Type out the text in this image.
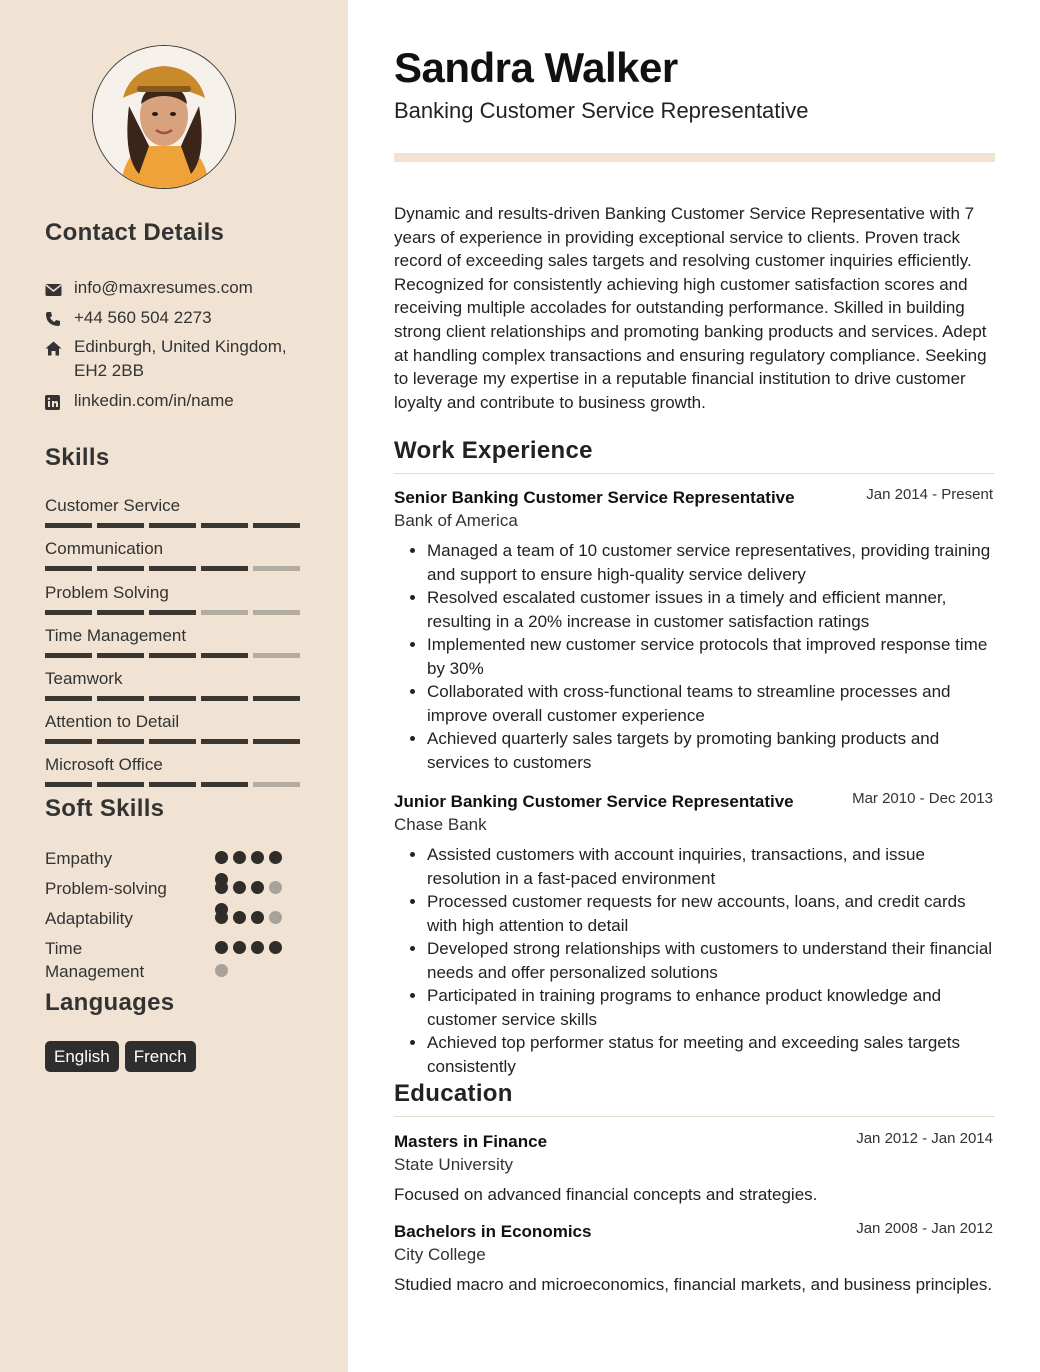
Contact Details
info@maxresumes.com
+44 560 504 2273
Edinburgh, United Kingdom, EH2 2BB
linkedin.com/in/name
Skills
Customer Service
Communication
Problem Solving
Time Management
Teamwork
Attention to Detail
Microsoft Office
Soft Skills
Empathy
Problem-solving
Adaptability
Time Management
Languages
English	French
Sandra Walker
Banking Customer Service Representative

Dynamic and results-driven Banking Customer Service Representative with 7 years of experience in providing exceptional service to clients. Proven track record of exceeding sales targets and resolving customer inquiries efficiently. Recognized for consistently achieving high customer satisfaction scores and receiving multiple accolades for outstanding performance. Skilled in building strong client relationships and promoting banking products and services. Adept at handling complex transactions and ensuring regulatory compliance. Seeking to leverage my expertise in a reputable financial institution to drive customer loyalty and contribute to business growth.

Work Experience
Senior Banking Customer Service Representative	Jan 2014 - Present
Bank of America
• Managed a team of 10 customer service representatives, providing training and support to ensure high-quality service delivery
• Resolved escalated customer issues in a timely and efficient manner, resulting in a 20% increase in customer satisfaction ratings
• Implemented new customer service protocols that improved response time by 30%
• Collaborated with cross-functional teams to streamline processes and improve overall customer experience
• Achieved quarterly sales targets by promoting banking products and services to customers
Junior Banking Customer Service Representative	Mar 2010 - Dec 2013
Chase Bank
• Assisted customers with account inquiries, transactions, and issue resolution in a fast-paced environment
• Processed customer requests for new accounts, loans, and credit cards with high attention to detail
• Developed strong relationships with customers to understand their financial needs and offer personalized solutions
• Participated in training programs to enhance product knowledge and customer service skills
• Achieved top performer status for meeting and exceeding sales targets consistently
Education
Masters in Finance	Jan 2012 - Jan 2014
State University
Focused on advanced financial concepts and strategies.
Bachelors in Economics	Jan 2008 - Jan 2012
City College
Studied macro and microeconomics, financial markets, and business principles.
